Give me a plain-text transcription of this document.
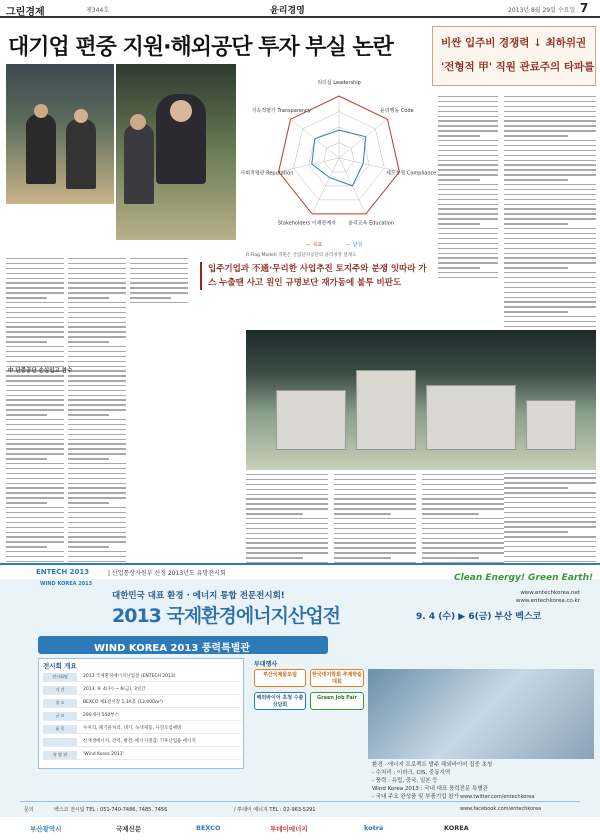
그린경제	제344호	윤리경영	2013년 8월 29일 수요일 7
대기업 편중 지원·해외공단 투자 부실 논란	비싼 입주비 경쟁력 ↓ 최하위권
'전형적 甲' 직원 관료주의 타파를
리더십 Leadership
윤리행동 Code
제도운영 Compliance
윤리교육 Education
Stakeholders 이해관계자
사회적평판 Reputation
지속적평가 Transparency
— 목표	— 달성
R-Flag Model) 직원은 산업단지공단의 윤리경영 설계도
입주기업과 不通·무리한 사업추진 토지주와 분쟁 잇따라 가스 누출땐 사고 원인 규명보단 재가동에 불투 비판도
中 단중공단 손실입고 참수
ENTECH 2013	| 산업통상자원부 선정 2013년도 유망전시회	Clean Energy! Green Earth!
WIND KOREA 2013
대한민국 대표 환경 · 에너지 통합 전문전시회!
2013 국제환경에너지산업전	9. 4 (수) ▶ 6(금) 부산 벡스코
www.entechkorea.net
www.entechkorea.co.kr
WIND KOREA 2013 풍력특별관
전시회 개요
전시회명	2013 국제환경에너지산업전 (ENTECH 2013)
기 간	2013. 9. 4(수) ~ 6(금), 3일간
장 소	BEXCO 제1전시장 1,3A홀 (12,000m²)
규 모	290개사 550부스
품 목	수처리, 폐기물처리, 대기, 녹색제품, 사전오염예방
신재생에너지, 전력, 발전, 에너지절감, 기후산업용 에너지
특 별 관	'Wind Korea 2013'
부대행사
부산국제물포럼	한국대기학회 추계학술대회
해외바이어 초청 수출상담회
Green Job Fair
환경 · 에너지 프로젝트 발주 해외바이어 집중 초청
- 수처리 : 이라크, CIS, 중동지역
- 풍력 : 유럽, 중국, 일본 등
Wind Korea 2013 : 국내 대표 풍력전문 특별관
- 국내 주요 완성품 및 부품기업 참가
문의	벡스코 전시팀 TEL : 051-740-7486, 7485, 7456	/ 투데이 에너지 TEL : 02-963-5291
www.twitter.com/entechkorea
www.facebook.com/entechkorea
부산광역시	국제신문	BEXCO	투데이에너지	kotra	KOREA
